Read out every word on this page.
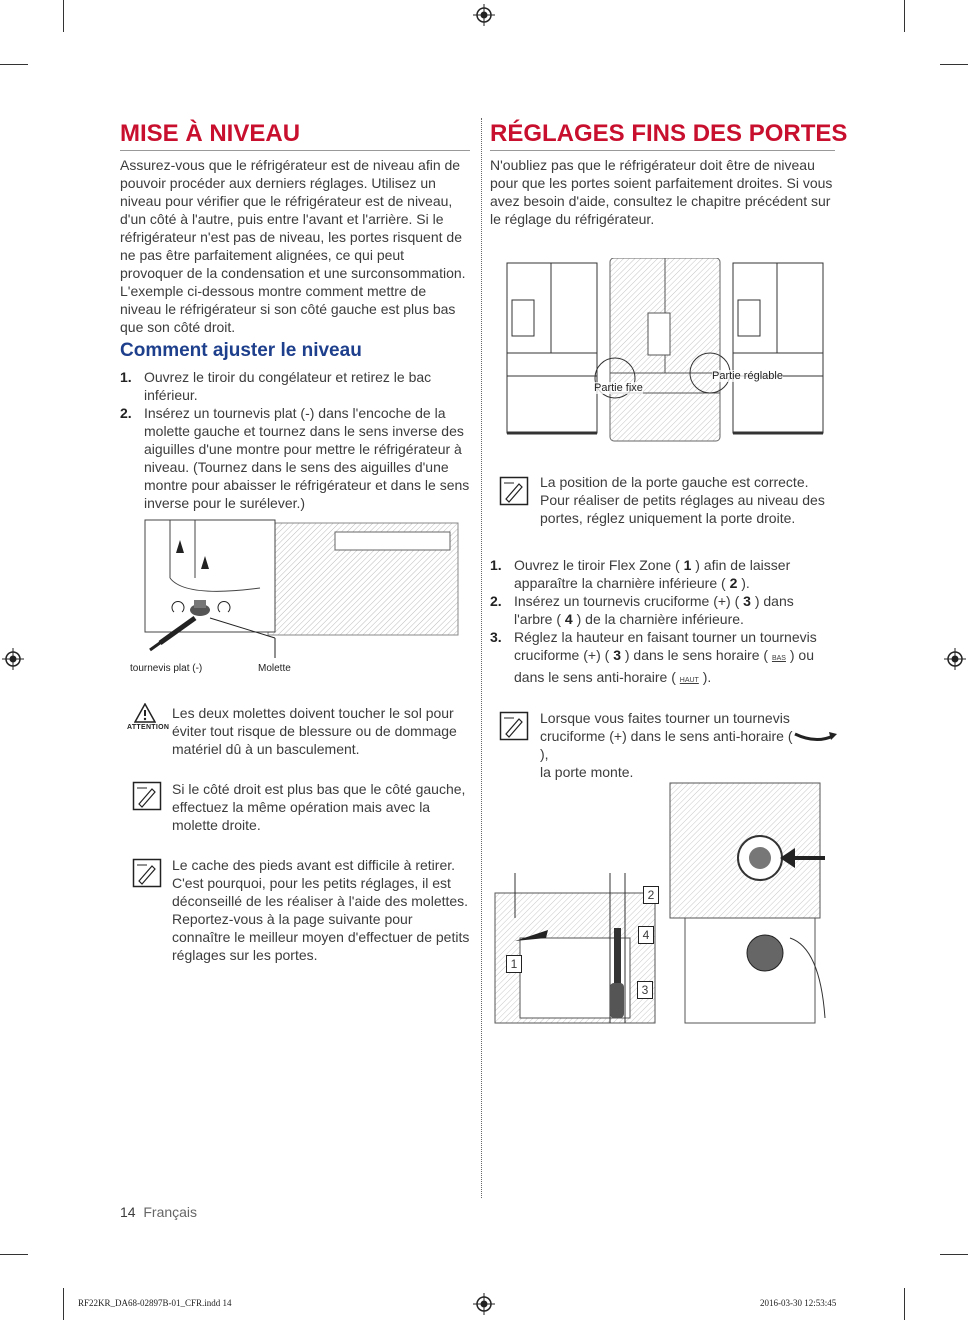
MISE À NIVEAU

Assurez-vous que le réfrigérateur est de niveau afin de pouvoir procéder aux derniers réglages. Utilisez un niveau pour vérifier que le réfrigérateur est de niveau, d'un côté à l'autre, puis entre l'avant et l'arrière. Si le réfrigérateur n'est pas de niveau, les portes risquent de ne pas être parfaitement alignées, ce qui peut provoquer de la condensation et une surconsommation. L'exemple ci-dessous montre comment mettre de niveau le réfrigérateur si son côté gauche est plus bas que son côté droit.

Comment ajuster le niveau
1. Ouvrez le tiroir du congélateur et retirez le bac inférieur.
2. Insérez un tournevis plat (-) dans l'encoche de la molette gauche et tournez dans le sens inverse des aiguilles d'une montre pour mettre le réfrigérateur à niveau. (Tournez dans le sens des aiguilles d'une montre pour abaisser le réfrigérateur et dans le sens inverse pour le surélever.)
tournevis plat (-)	Molette
ATTENTION

Les deux molettes doivent toucher le sol pour éviter tout risque de blessure ou de dommage matériel dû à un basculement.

Si le côté droit est plus bas que le côté gauche, effectuez la même opération mais avec la molette droite.

Le cache des pieds avant est difficile à retirer. C'est pourquoi, pour les petits réglages, il est déconseillé de les réaliser à l'aide des molettes. Reportez-vous à la page suivante pour connaître le meilleur moyen d'effectuer de petits réglages sur les portes.

RÉGLAGES FINS DES PORTES

N'oubliez pas que le réfrigérateur doit être de niveau pour que les portes soient parfaitement droites. Si vous avez besoin d'aide, consultez le chapitre précédent sur le réglage du réfrigérateur.

Partie fixe
Partie réglable

La position de la porte gauche est correcte. Pour réaliser de petits réglages au niveau des portes, réglez uniquement la porte droite.

1. Ouvrez le tiroir Flex Zone ( 1 ) afin de laisser apparaître la charnière inférieure ( 2 ).
2. Insérez un tournevis cruciforme (+) ( 3 ) dans l'arbre ( 4 ) de la charnière inférieure.
3. Réglez la hauteur en faisant tourner un tournevis cruciforme (+) ( 3 ) dans le sens horaire ( BAS ) ou dans le sens anti-horaire ( HAUT ).

Lorsque vous faites tourner un tournevis cruciforme (+) dans le sens anti-horaire (),
la porte monte.

2
4
1
3
14 Français
RF22KR_DA68-02897B-01_CFR.indd 14	2016-03-30 12:53:45
